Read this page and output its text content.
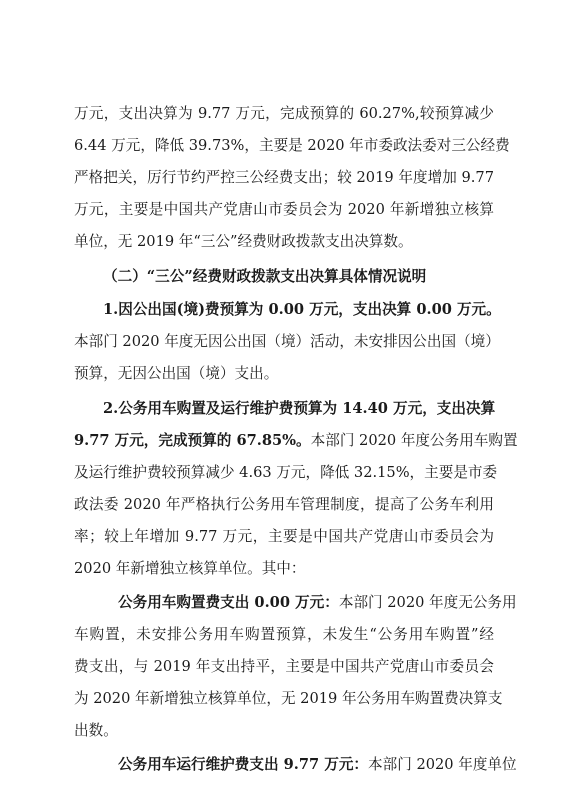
万元，支出决算为 9.77 万元，完成预算的 60.27%,较预算减少
6.44 万元，降低 39.73%，主要是 2020 年市委政法委对三公经费
严格把关，厉行节约严控三公经费支出；较 2019 年度增加 9.77
万元，主要是中国共产党唐山市委员会为 2020 年新增独立核算
单位，无 2019 年“三公”经费财政拨款支出决算数。
（二）“三公”经费财政拨款支出决算具体情况说明
1.因公出国(境)费预算为 0.00 万元，支出决算 0.00 万元。
本部门 2020 年度无因公出国（境）活动，未安排因公出国（境）
预算，无因公出国（境）支出。
2.公务用车购置及运行维护费预算为 14.40 万元，支出决算
9.77 万元，完成预算的 67.85%。本部门 2020 年度公务用车购置
及运行维护费较预算减少 4.63 万元，降低 32.15%，主要是市委
政法委 2020 年严格执行公务用车管理制度，提高了公务车利用
率；较上年增加 9.77 万元，主要是中国共产党唐山市委员会为
2020 年新增独立核算单位。其中：
公务用车购置费支出 0.00 万元：本部门 2020 年度无公务用
车购置，未安排公务用车购置预算，未发生“公务用车购置”经
费支出，与 2019 年支出持平，主要是中国共产党唐山市委员会
为 2020 年新增独立核算单位，无 2019 年公务用车购置费决算支
出数。
公务用车运行维护费支出 9.77 万元：本部门 2020 年度单位
